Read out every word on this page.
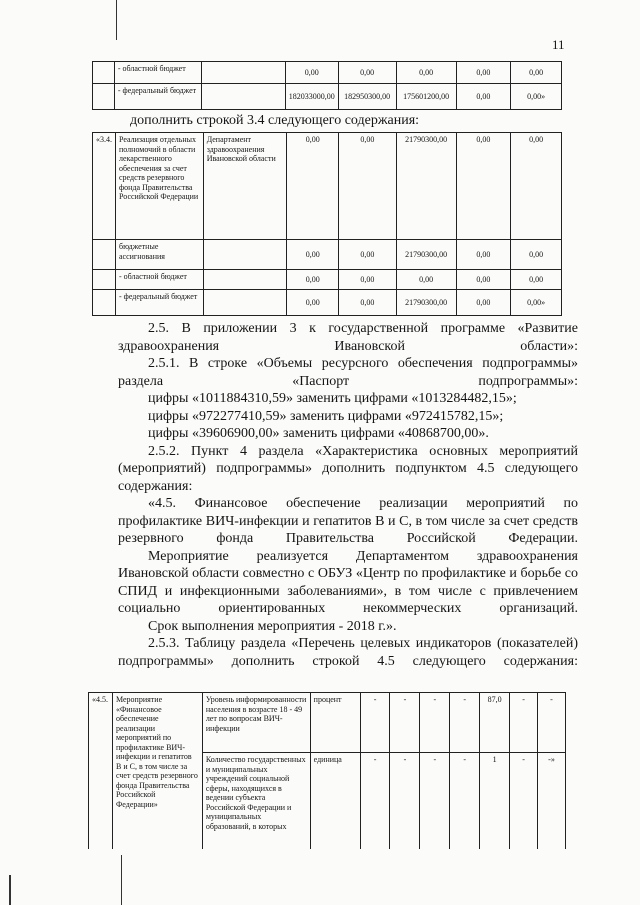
11
	- областной бюджет		0,00	0,00	0,00	0,00	0,00
	- федеральный бюджет		182033000,00	182950300,00	175601200,00	0,00	0,00»
дополнить строкой 3.4 следующего содержания:
«3.4.	Реализация отдельных полномочий в области лекарственного обеспечения за счет средств резервного фонда Правительства Российской Федерации	Департамент здравоохранения Ивановской области	0,00	0,00	21790300,00	0,00	0,00
	бюджетные ассигнования		0,00	0,00	21790300,00	0,00	0,00
	- областной бюджет		0,00	0,00	0,00	0,00	0,00
	- федеральный бюджет		0,00	0,00	21790300,00	0,00	0,00»

2.5. В приложении 3 к государственной программе «Развитие здравоохранения Ивановской области»:

2.5.1. В строке «Объемы ресурсного обеспечения подпрограммы» раздела «Паспорт подпрограммы»:

цифры «1011884310,59» заменить цифрами «1013284482,15»;

цифры «972277410,59» заменить цифрами «972415782,15»;

цифры «39606900,00» заменить цифрами «40868700,00».

2.5.2. Пункт 4 раздела «Характеристика основных мероприятий (мероприятий) подпрограммы» дополнить подпунктом 4.5 следующего содержания:

«4.5. Финансовое обеспечение реализации мероприятий по профилактике ВИЧ-инфекции и гепатитов В и С, в том числе за счет средств резервного фонда Правительства Российской Федерации.

Мероприятие реализуется Департаментом здравоохранения Ивановской области совместно с ОБУЗ «Центр по профилактике и борьбе со СПИД и инфекционными заболеваниями», в том числе с привлечением социально ориентированных некоммерческих организаций.

Срок выполнения мероприятия - 2018 г.».

2.5.3. Таблицу раздела «Перечень целевых индикаторов (показателей) подпрограммы» дополнить строкой 4.5 следующего содержания:

«4.5.	Мероприятие «Финансовое обеспечение реализации мероприятий по профилактике ВИЧ-инфекции и гепатитов В и С, в том числе за счет средств резервного фонда Правительства Российской Федерации»	Уровень информированности населения в возрасте 18 - 49 лет по вопросам ВИЧ-инфекции	процент	-	-	-	-	87,0	-	-
		Количество государственных и муниципальных учреждений социальной сферы, находящихся в ведении субъекта Российской Федерации и муниципальных образований, в которых	единица	-	-	-	-	1	-	-»
